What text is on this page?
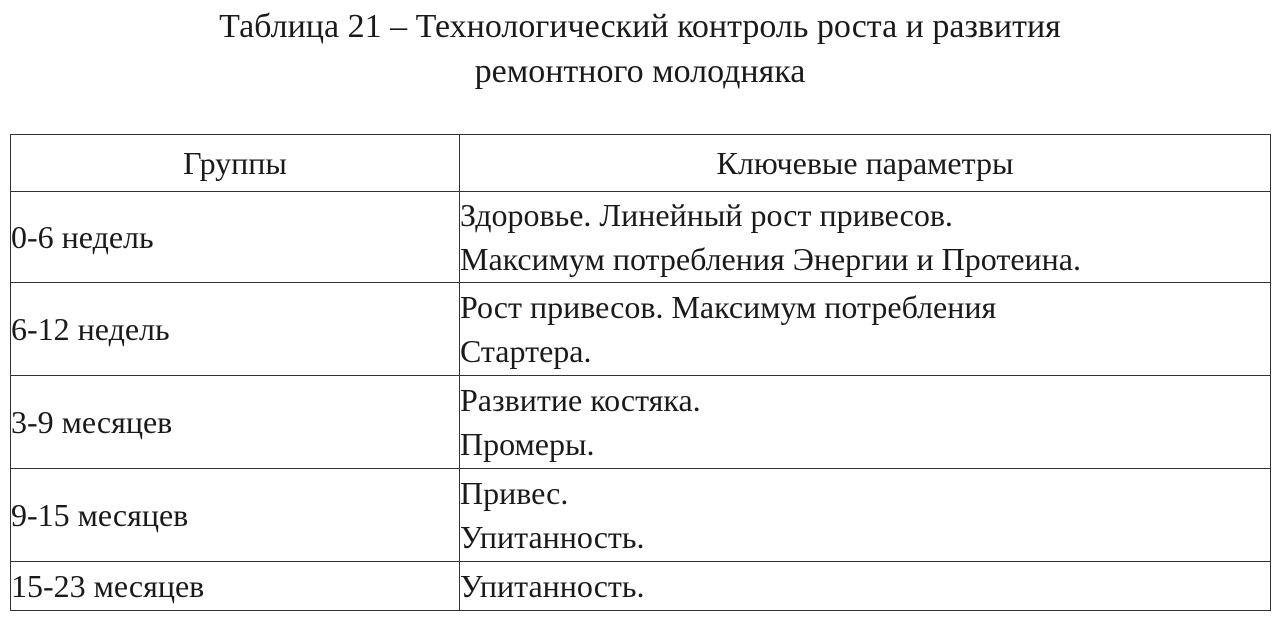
Таблица 21 – Технологический контроль роста и развития
ремонтного молодняка
Группы	Ключевые параметры
0-6 недель	Здоровье. Линейный рост привесов.
Максимум потребления Энергии и Протеина.

6-12 недель	Рост привесов. Максимум потребления
Стартера.

3-9 месяцев	Развитие костяка.
Промеры.

9-15 месяцев	Привес.
Упитанность.

15-23 месяцев	Упитанность.
